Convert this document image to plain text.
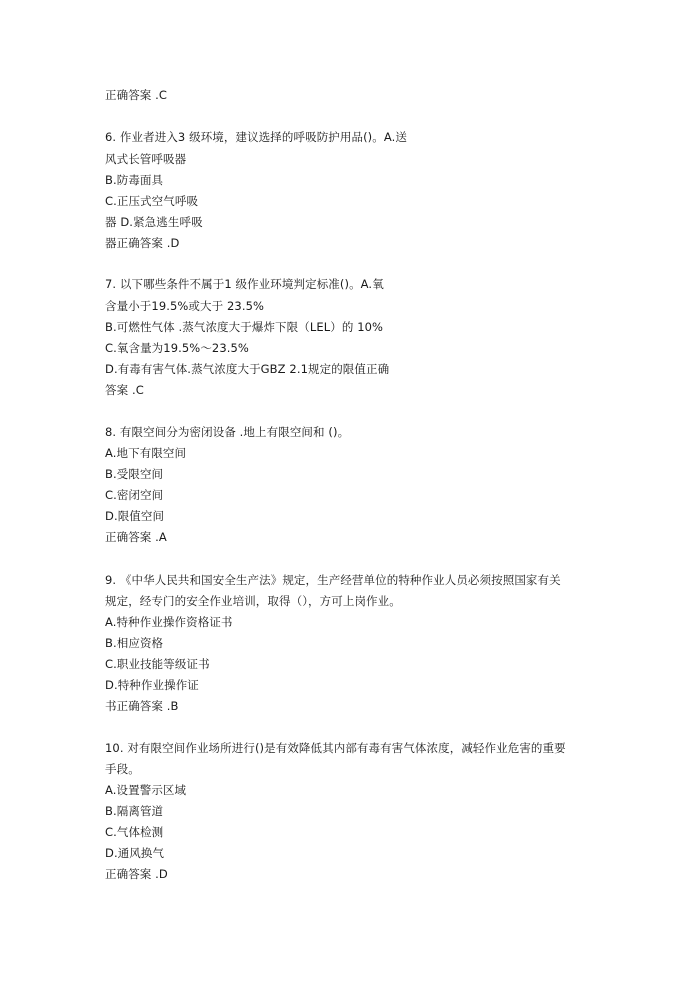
正确答案 .C
6. 作业者进入3 级环境，建议选择的呼吸防护用品()。A.送
风式长管呼吸器
B.防毒面具
C.正压式空气呼吸
器 D.紧急逃生呼吸
器正确答案 .D
7. 以下哪些条件不属于1 级作业环境判定标准()。A.氧
含量小于19.5%或大于 23.5%
B.可燃性气体 .蒸气浓度大于爆炸下限（LEL）的 10%
C.氧含量为19.5%～23.5%
D.有毒有害气体.蒸气浓度大于GBZ 2.1规定的限值正确
答案 .C
8. 有限空间分为密闭设备 .地上有限空间和 ()。
A.地下有限空间
B.受限空间
C.密闭空间
D.限值空间
正确答案 .A
9. 《中华人民共和国安全生产法》规定，生产经营单位的特种作业人员必须按照国家有关
规定，经专门的安全作业培训，取得（），方可上岗作业。
A.特种作业操作资格证书
B.相应资格
C.职业技能等级证书
D.特种作业操作证
书正确答案 .B
10. 对有限空间作业场所进行()是有效降低其内部有毒有害气体浓度，减轻作业危害的重要
手段。
A.设置警示区域
B.隔离管道
C.气体检测
D.通风换气
正确答案 .D
